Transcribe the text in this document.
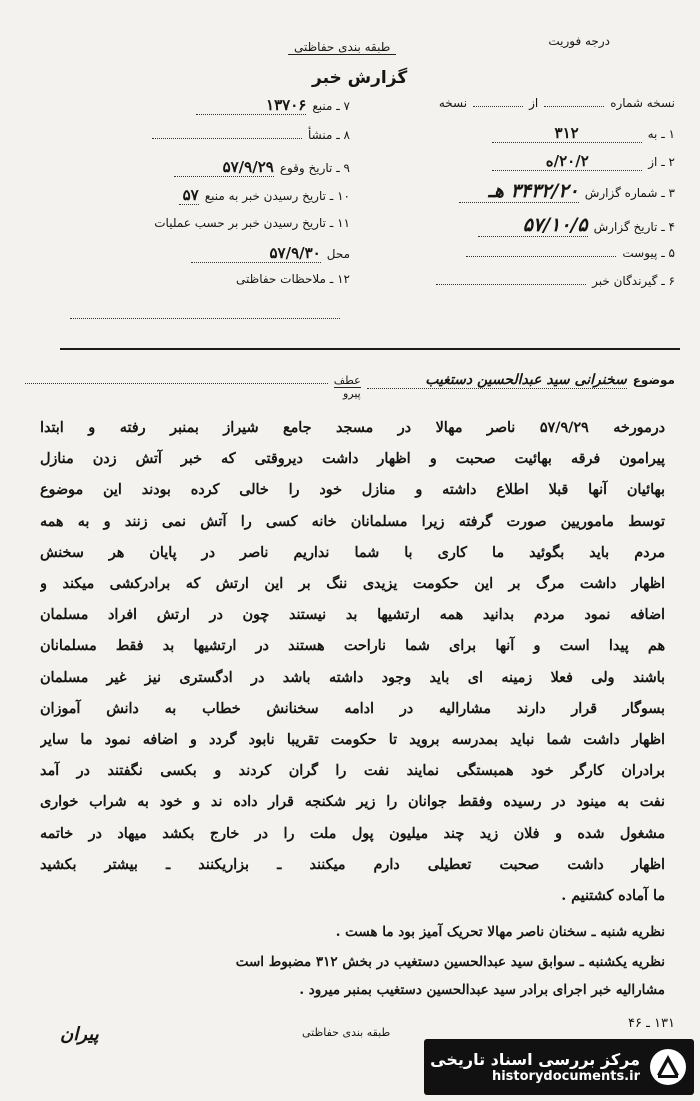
درجه فوریت
طبقه بندی حفاظتی
گزارش خبر
۷ ـ منبع
۱۳۷۰۶
۸ ـ منشأ
۹ ـ تاریخ وقوع
۵۷/۹/۲۹
۱۰ ـ تاریخ رسیدن خبر به منبع
۵۷
۱۱ ـ تاریخ رسیدن خبر بر حسب عملیات
محل
۵۷/۹/۳۰
۱۲ ـ ملاحظات حفاظتی
نسخه شماره
از
نسخه
۱ ـ به
۳۱۲
۲ ـ از
۲۰/۲/ه
۳ ـ شماره گزارش
۳۴۳۲/۲۰ هـ
۴ ـ تاریخ گزارش
۵۷/۱۰/۵
۵ ـ پیوست
۶ ـ گیرندگان خبر
موضوع
سخنرانی سید عبدالحسین دستغیب
عطف
پیرو
درمورخه ۵۷/۹/۲۹ ناصر مهالا در مسجد جامع شیراز بمنبر رفته و ابتدا
پیرامون فرقه بهائیت صحبت و اظهار داشت دیروقتی که خبر آتش زدن منازل
بهائیان آنها قبلا اطلاع داشته و منازل خود را خالی کرده بودند این موضوع
توسط ماموریین صورت گرفته زیرا مسلمانان خانه کسی را آتش نمی زنند و به همه
مردم باید بگوئید ما کاری با شما نداریم ناصر در پایان هر سخنش
اظهار داشت مرگ بر این حکومت یزیدی ننگ بر این ارتش که برادرکشی میکند و
اضافه نمود مردم بدانید همه ارتشیها بد نیستند چون در ارتش افراد مسلمان
هم پیدا است و آنها برای شما ناراحت هستند در ارتشیها بد فقط مسلمانان
باشند ولی فعلا زمینه ای باید وجود داشته باشد در ادگستری نیز غیر مسلمان
بسوگار قرار دارند مشارالیه در ادامه سخنانش خطاب به دانش آموزان
اظهار داشت شما نباید بمدرسه بروید تا حکومت تقریبا نابود گردد و اضافه نمود ما سایر
برادران کارگر خود همبستگی نمایند نفت را گران کردند و بکسی نگفتند در آمد
نفت به مینود در رسیده وفقط جوانان را زیر شکنجه قرار داده ند و خود به شراب خواری
مشغول شده و فلان زید چند میلیون پول ملت را در خارج بکشد میهاد در خاتمه
اظهار داشت صحبت تعطیلی دارم میکنند ـ بزاریکنند ـ بیشتر بکشید
ما آماده کشتنیم .
نظریه شنبه ـ سخنان ناصر مهالا تحریک آمیز بود ما هست .
نظریه یکشنبه ـ سوابق سید عبدالحسین دستغیب در بخش ۳۱۲ مضبوط است
مشارالیه خبر اجرای برادر سید عبدالحسین دستغیب بمنبر میرود .
۱۳۱ ـ ۴۶
طبقه بندی حفاظتی
پیران
مرکز بررسی اسناد تاریخی
historydocuments.ir
